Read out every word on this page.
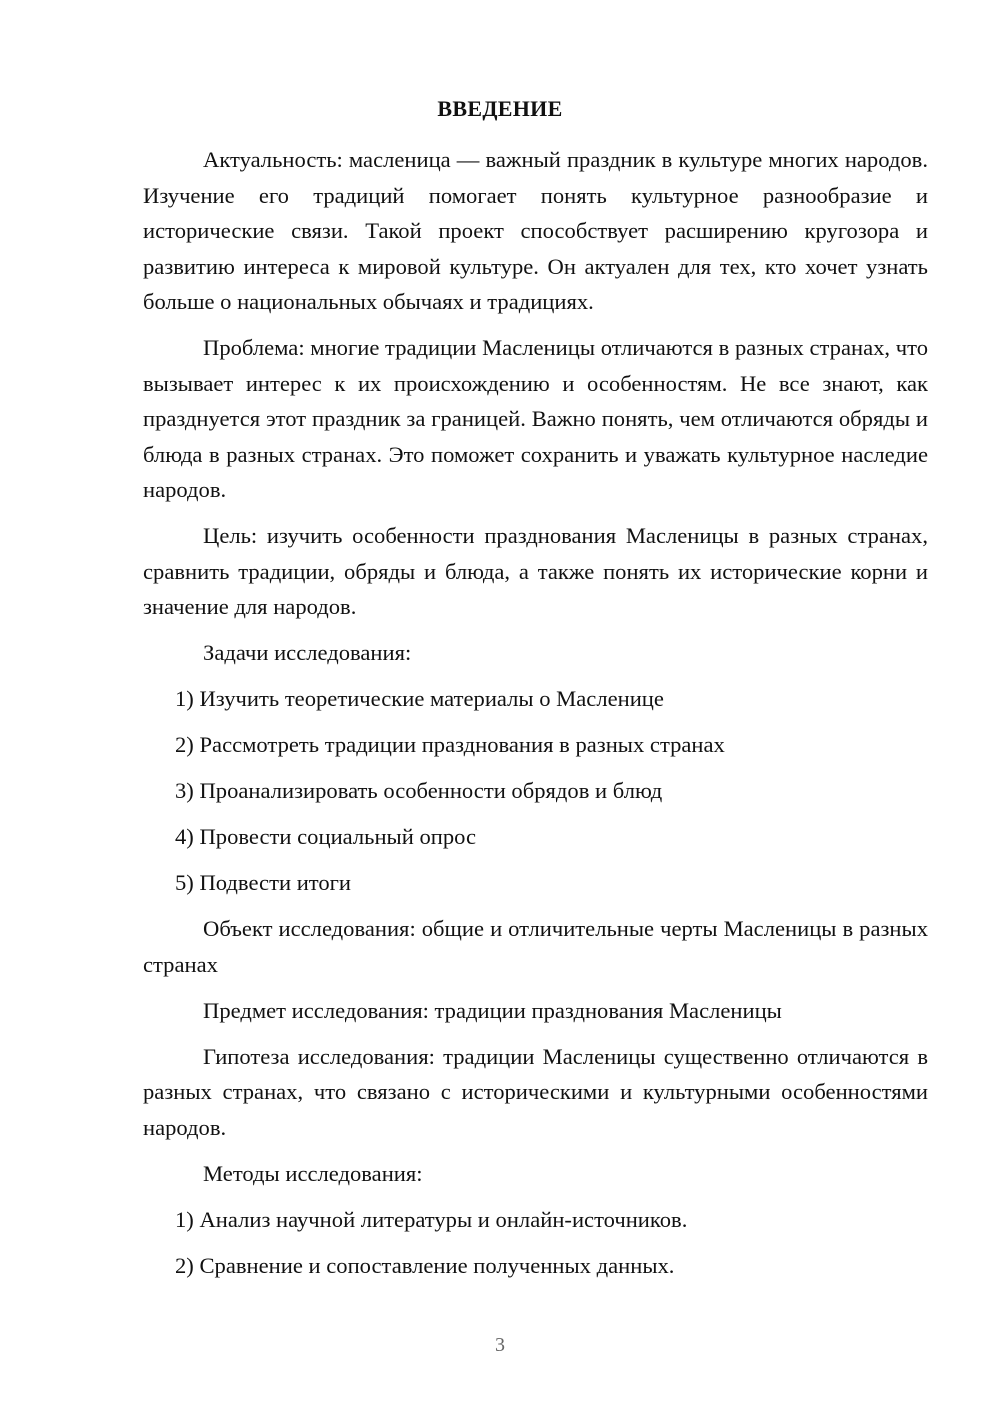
ВВЕДЕНИЕ

Актуальность: масленица — важный праздник в культуре многих народов. Изучение его традиций помогает понять культурное разнообразие и исторические связи. Такой проект способствует расширению кругозора и развитию интереса к мировой культуре. Он актуален для тех, кто хочет узнать больше о национальных обычаях и традициях.

Проблема: многие традиции Масленицы отличаются в разных странах, что вызывает интерес к их происхождению и особенностям. Не все знают, как празднуется этот праздник за границей. Важно понять, чем отличаются обряды и блюда в разных странах. Это поможет сохранить и уважать культурное наследие народов.

Цель: изучить особенности празднования Масленицы в разных странах, сравнить традиции, обряды и блюда, а также понять их исторические корни и значение для народов.

Задачи исследования:

1) Изучить теоретические материалы о Масленице

2) Рассмотреть традиции празднования в разных странах

3) Проанализировать особенности обрядов и блюд

4) Провести социальный опрос

5) Подвести итоги

Объект исследования: общие и отличительные черты Масленицы в разных странах

Предмет исследования: традиции празднования Масленицы

Гипотеза исследования: традиции Масленицы существенно отличаются в разных странах, что связано с историческими и культурными особенностями народов.

Методы исследования:

1) Анализ научной литературы и онлайн-источников.

2) Сравнение и сопоставление полученных данных.

3
